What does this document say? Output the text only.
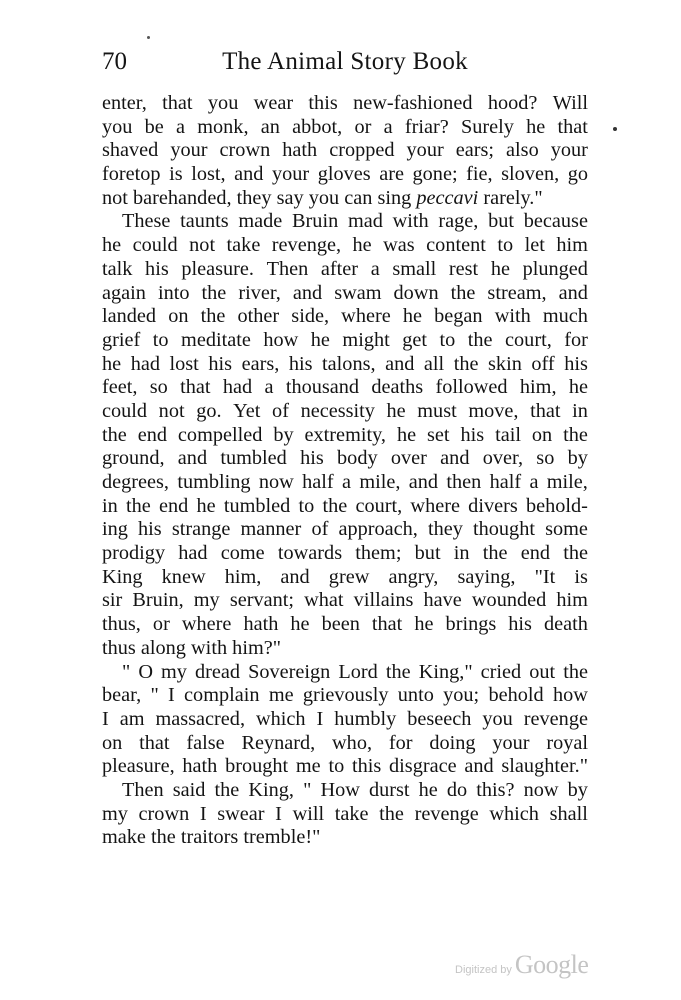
70	The Animal Story Book
enter, that you wear this new-fashioned hood? Will
you be a monk, an abbot, or a friar? Surely he that
shaved your crown hath cropped your ears; also your
foretop is lost, and your gloves are gone; fie, sloven, go
not barehanded, they say you can sing peccavi rarely."
These taunts made Bruin mad with rage, but because
he could not take revenge, he was content to let him
talk his pleasure. Then after a small rest he plunged
again into the river, and swam down the stream, and
landed on the other side, where he began with much
grief to meditate how he might get to the court, for
he had lost his ears, his talons, and all the skin off his
feet, so that had a thousand deaths followed him, he
could not go. Yet of necessity he must move, that in
the end compelled by extremity, he set his tail on the
ground, and tumbled his body over and over, so by
degrees, tumbling now half a mile, and then half a mile,
in the end he tumbled to the court, where divers behold-
ing his strange manner of approach, they thought some
prodigy had come towards them; but in the end the
King knew him, and grew angry, saying, "It is
sir Bruin, my servant; what villains have wounded him
thus, or where hath he been that he brings his death
thus along with him?"
" O my dread Sovereign Lord the King," cried out the
bear, " I complain me grievously unto you; behold how
I am massacred, which I humbly beseech you revenge
on that false Reynard, who, for doing your royal
pleasure, hath brought me to this disgrace and slaughter."
Then said the King, " How durst he do this? now by
my crown I swear I will take the revenge which shall
make the traitors tremble!"
Digitized by Google
